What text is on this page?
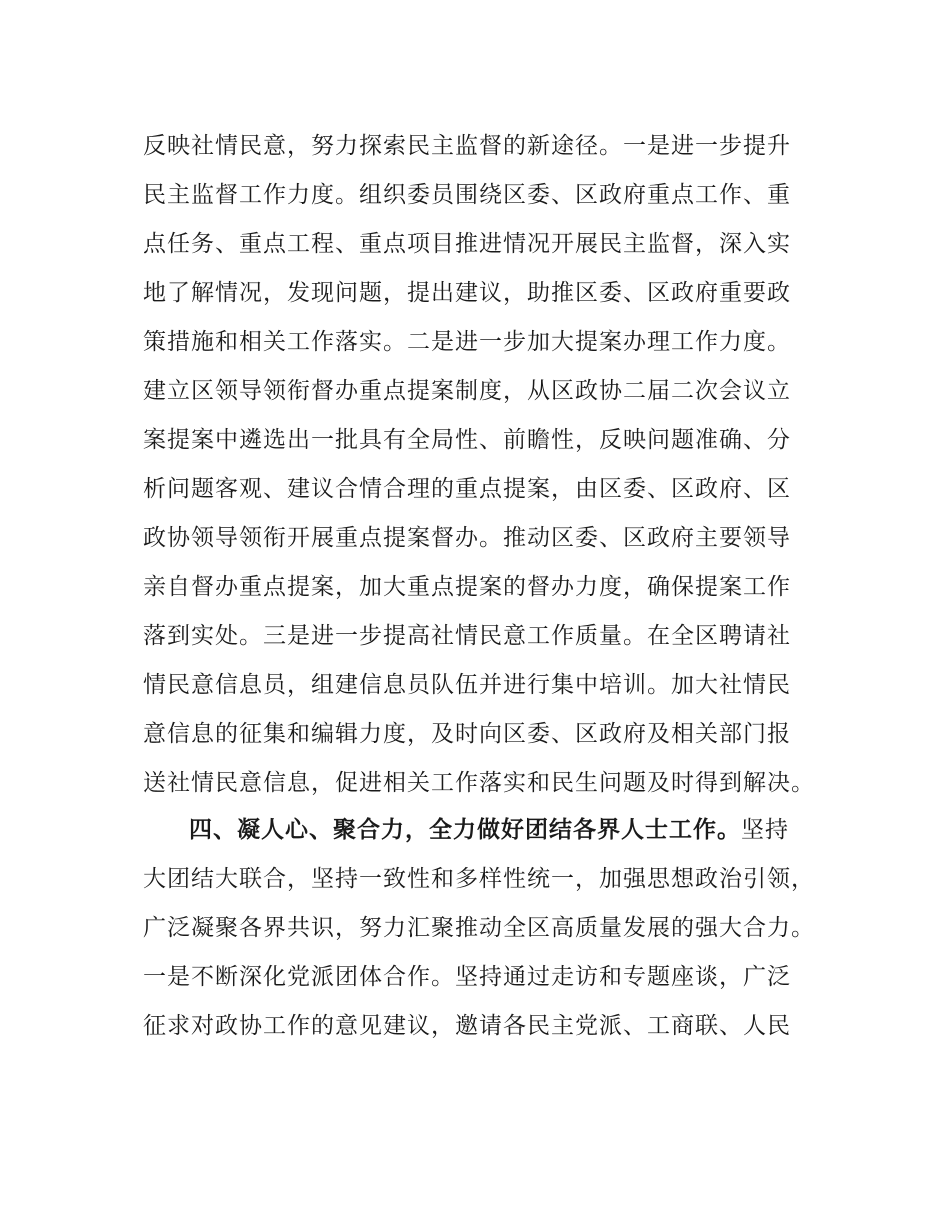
反映社情民意，努力探索民主监督的新途径。一是进一步提升
民主监督工作力度。组织委员围绕区委、区政府重点工作、重
点任务、重点工程、重点项目推进情况开展民主监督，深入实
地了解情况，发现问题，提出建议，助推区委、区政府重要政
策措施和相关工作落实。二是进一步加大提案办理工作力度。
建立区领导领衔督办重点提案制度，从区政协二届二次会议立
案提案中遴选出一批具有全局性、前瞻性，反映问题准确、分
析问题客观、建议合情合理的重点提案，由区委、区政府、区
政协领导领衔开展重点提案督办。推动区委、区政府主要领导
亲自督办重点提案，加大重点提案的督办力度，确保提案工作
落到实处。三是进一步提高社情民意工作质量。在全区聘请社
情民意信息员，组建信息员队伍并进行集中培训。加大社情民
意信息的征集和编辑力度，及时向区委、区政府及相关部门报
送社情民意信息，促进相关工作落实和民生问题及时得到解决。
四、凝人心、聚合力，全力做好团结各界人士工作。坚持
大团结大联合，坚持一致性和多样性统一，加强思想政治引领，
广泛凝聚各界共识，努力汇聚推动全区高质量发展的强大合力。
一是不断深化党派团体合作。坚持通过走访和专题座谈，广泛
征求对政协工作的意见建议，邀请各民主党派、工商联、人民
